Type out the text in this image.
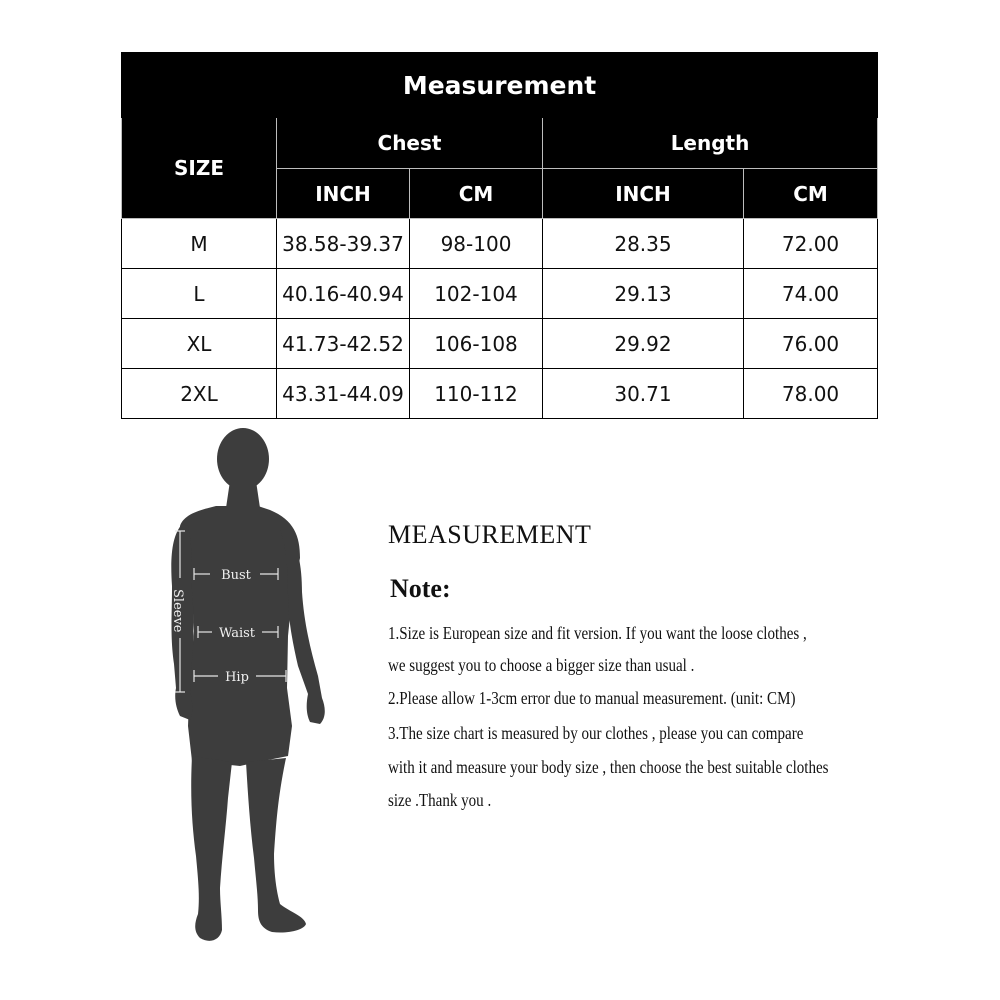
Measurement				
SIZE	Chest		Length	
	INCH	CM	INCH	CM
M	38.58-39.37	98-100	28.35	72.00
L	40.16-40.94	102-104	29.13	74.00
XL	41.73-42.52	106-108	29.92	76.00
2XL	43.31-44.09	110-112	30.71	78.00
Bust
Waist
Hip
Sleeve
MEASUREMENT
Note:
1.Size is European size and fit version. If you want the loose clothes ,
we suggest you to choose a bigger size than usual .
2.Please allow 1-3cm error due to manual measurement. (unit: CM)
3.The size chart is measured by our clothes , please you can compare
with it and measure your body size , then choose the best suitable clothes
size .Thank you .
